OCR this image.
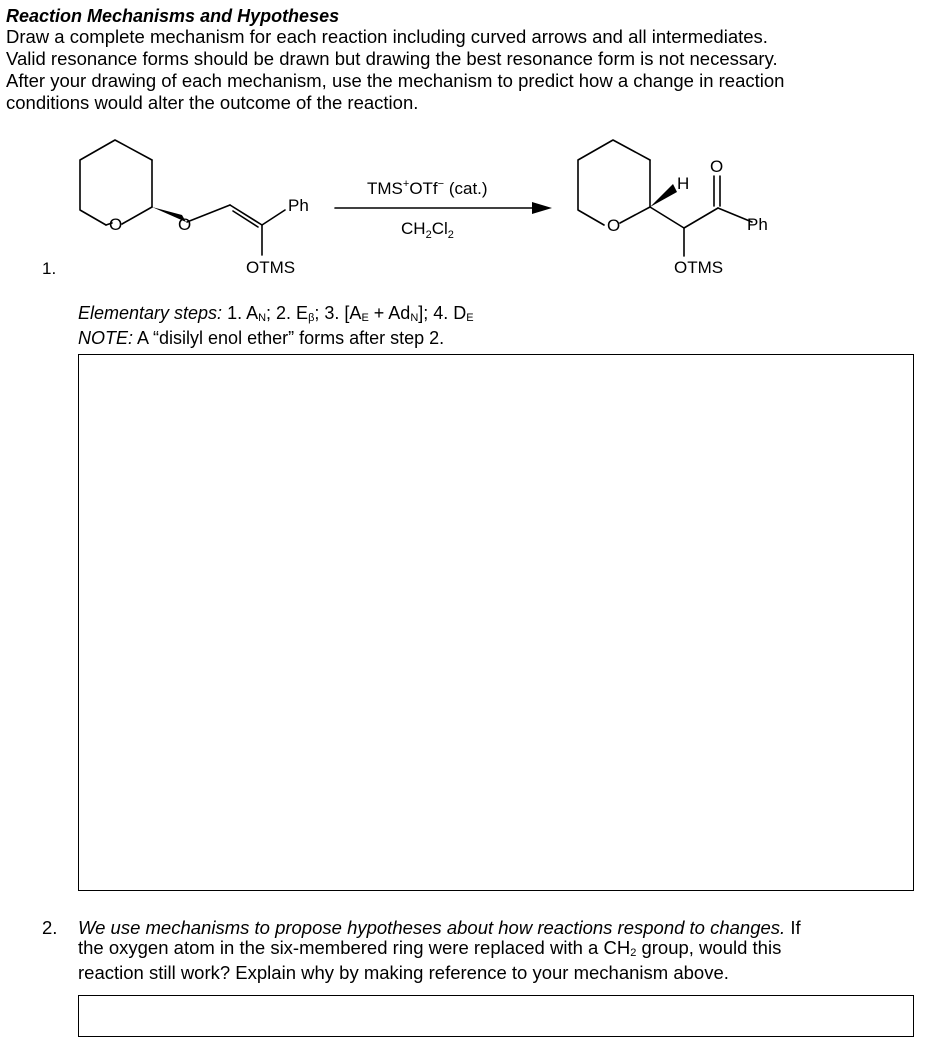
Reaction Mechanisms and Hypotheses
Draw a complete mechanism for each reaction including curved arrows and all intermediates.
Valid resonance forms should be drawn but drawing the best resonance form is not necessary.
After your drawing of each mechanism, use the mechanism to predict how a change in reaction
conditions would alter the outcome of the reaction.
O	O
Ph
OTMS
TMS+OTf− (cat.)
$CH_2Cl_2$	O
H
O
Ph
OTMS
1.
Elementary steps: 1. AN; 2. Eβ; 3. [AE + AdN]; 4. DE
NOTE: A “disilyl enol ether” forms after step 2.
2. We use mechanisms to propose hypotheses about how reactions respond to changes. If
the oxygen atom in the six-membered ring were replaced with a CH2 group, would this
reaction still work? Explain why by making reference to your mechanism above.
